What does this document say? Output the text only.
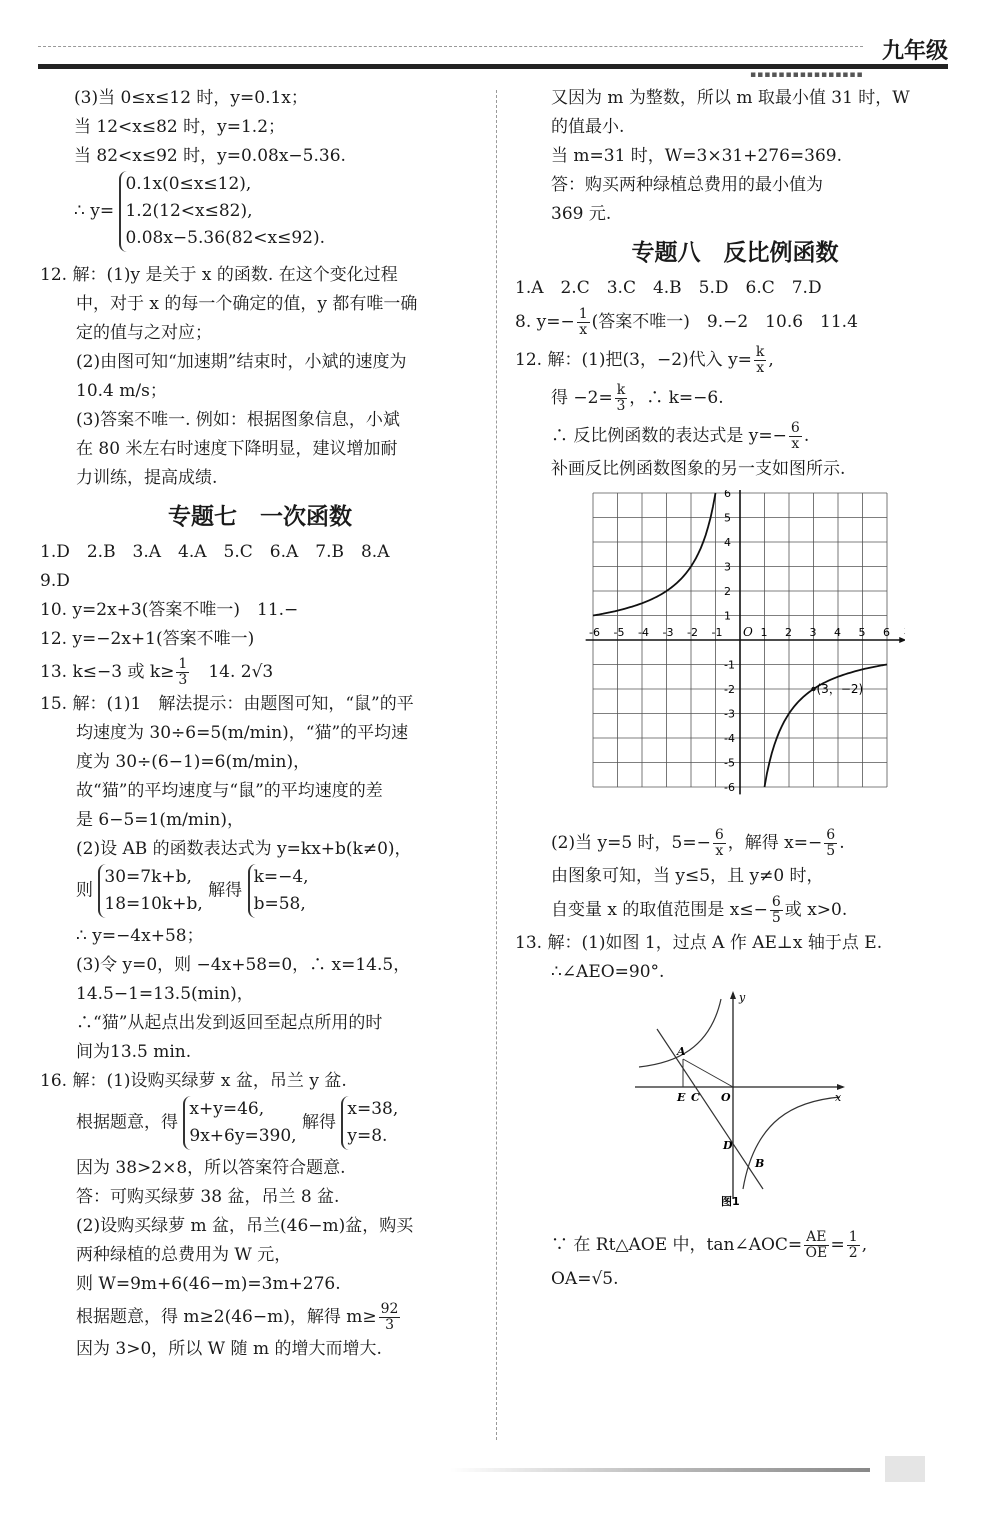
九年级
▪▪▪▪▪▪▪▪▪▪▪▪▪▪▪▪
(3)当 0≤x≤12 时，y=0.1x；
当 12<x≤82 时，y=1.2；
当 82<x≤92 时，y=0.08x−5.36.
∴ y=
0.1x(0≤x≤12),
1.2(12<x≤82),
0.08x−5.36(82<x≤92).
12. 解：(1)y 是关于 x 的函数. 在这个变化过程
中，对于 x 的每一个确定的值，y 都有唯一确
定的值与之对应；
(2)由图可知“加速期”结束时，小斌的速度为
10.4 m/s；
(3)答案不唯一. 例如：根据图象信息，小斌
在 80 米左右时速度下降明显，建议增加耐
力训练，提高成绩.
专题七　一次函数
1.D　2.B　3.A　4.A　5.C　6.A　7.B　8.A
9.D
10. y=2x+3(答案不唯一)　11.−
12. y=−2x+1(答案不唯一)
13. k≤−3 或 $k\ge \frac{1}{3}$ 　14. 2√3
15. 解：(1)1　解法提示：由题图可知，“鼠”的平
均速度为 30÷6=5(m/min)，“猫”的平均速
度为 30÷(6−1)=6(m/min)，
故“猫”的平均速度与“鼠”的平均速度的差
是 6−5=1(m/min)，
(2)设 AB 的函数表达式为 y=kx+b(k≠0)，
则
30=7k+b,
18=10k+b,
解得
k=−4,
b=58,
∴ y=−4x+58；
(3)令 y=0，则 −4x+58=0，∴ x=14.5，
14.5−1=13.5(min)，
∴“猫”从起点出发到返回至起点所用的时
间为13.5 min.
16. 解：(1)设购买绿萝 x 盆，吊兰 y 盆.
根据题意，得
x+y=46,
9x+6y=390,
解得
x=38,
y=8.
因为 38>2×8，所以答案符合题意.
答：可购买绿萝 38 盆，吊兰 8 盆.
(2)设购买绿萝 m 盆，吊兰(46−m)盆，购买
两种绿植的总费用为 W 元，
则 W=9m+6(46−m)=3m+276.
根据题意，得 m≥2(46−m)，解得 $m\ge \frac{92}{3}$
因为 3>0，所以 W 随 m 的增大而增大.
又因为 m 为整数，所以 m 取最小值 31 时，W
的值最小.
当 m=31 时，W=3×31+276=369.
答：购买两种绿植总费用的最小值为
369 元.
专题八　反比例函数
1.A　2.C　3.C　4.B　5.D　6.C　7.D
8. $y=- \frac{1}{x}$ (答案不唯一)　9.−2　10.6　11.4
12. 解：(1)把(3，−2)代入 $y= \frac{k}{x}$ ,
得 $-2= \frac{k}{3}$ ，∴ k=−6.
∴ 反比例函数的表达式是 $y=- \frac{6}{x}$ .
补画反比例函数图象的另一支如图所示.
-6 -5 -4 -3 -2 -1	1 2 3 4 5 6
6
5
4
3
2
1
-1
-2
-3
-4
-5
-6
O
(3，−2)
(2)当 y=5 时，$5=- \frac{6}{x}$ ，解得 $x=- \frac{6}{5}$ .
由图象可知，当 y≤5，且 y≠0 时，
自变量 x 的取值范围是 $x\le- \frac{6}{5}$ 或 x>0.
13. 解：(1)如图 1，过点 A 作 AE⊥x 轴于点 E.
∴∠AEO=90°.
y
x
A
E C O
D
B
图1
∵ 在 Rt△AOE 中，tan∠AOC= $\frac{AE}{OE} = \frac{1}{2}$ ,
OA=√5.
